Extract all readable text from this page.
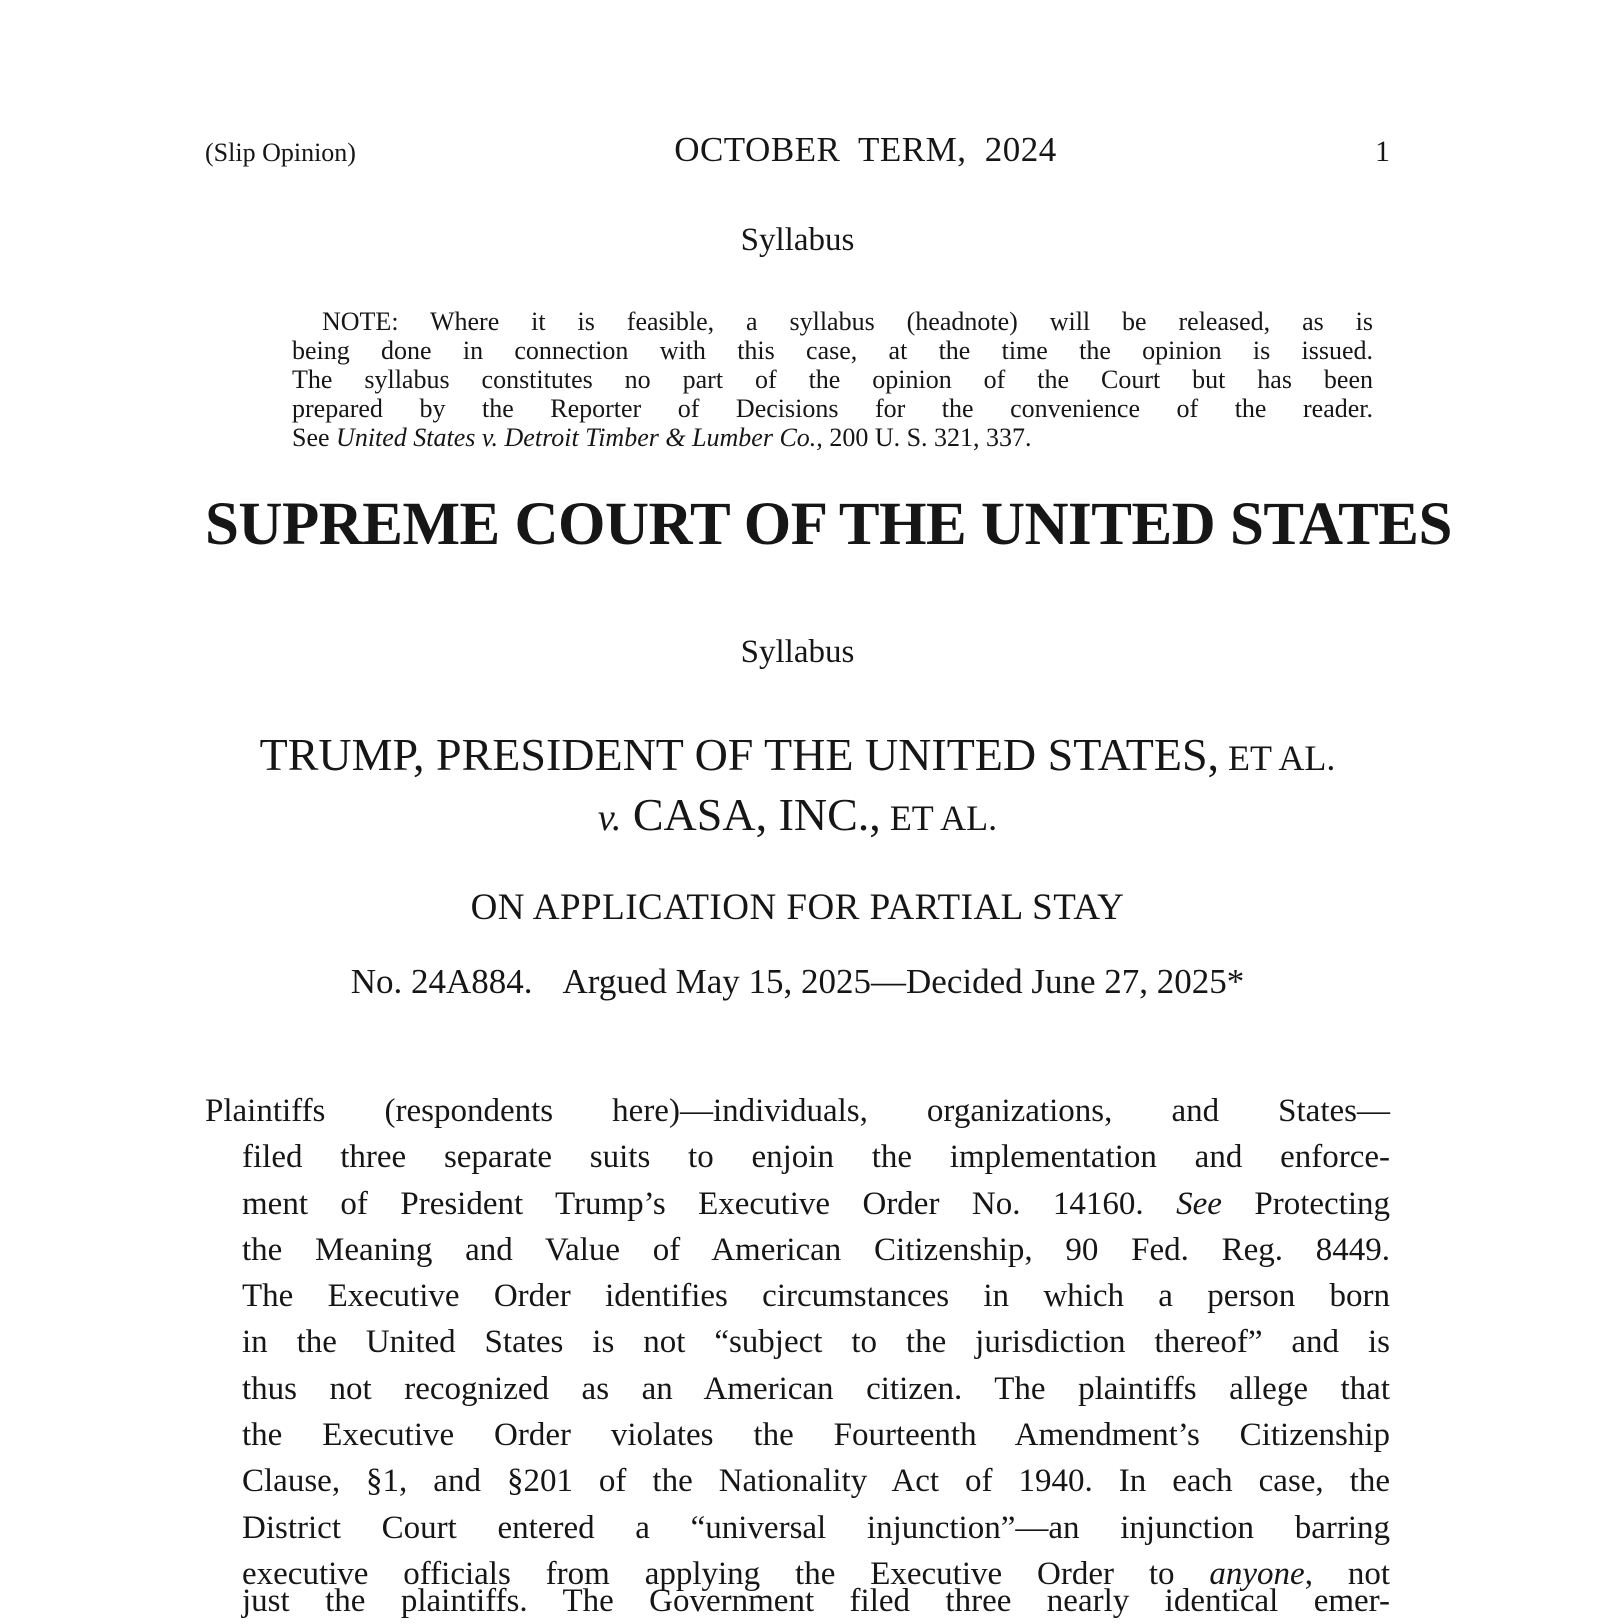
(Slip Opinion)	OCTOBER TERM, 2024	1
Syllabus
NOTE: Where it is feasible, a syllabus (headnote) will be released, as is
being done in connection with this case, at the time the opinion is issued.
The syllabus constitutes no part of the opinion of the Court but has been
prepared by the Reporter of Decisions for the convenience of the reader.
See United States v. Detroit Timber & Lumber Co., 200 U. S. 321, 337.
SUPREME COURT OF THE UNITED STATES
Syllabus
TRUMP, PRESIDENT OF THE UNITED STATES, ET AL.
v. CASA, INC., ET AL.
ON APPLICATION FOR PARTIAL STAY
No. 24A884. Argued May 15, 2025—Decided June 27, 2025*
Plaintiffs (respondents here)—individuals, organizations, and States—
filed three separate suits to enjoin the implementation and enforce-
ment of President Trump’s Executive Order No. 14160. See Protecting
the Meaning and Value of American Citizenship, 90 Fed. Reg. 8449.
The Executive Order identifies circumstances in which a person born
in the United States is not “subject to the jurisdiction thereof” and is
thus not recognized as an American citizen. The plaintiffs allege that
the Executive Order violates the Fourteenth Amendment’s Citizenship
Clause, §1, and §201 of the Nationality Act of 1940. In each case, the
District Court entered a “universal injunction”—an injunction barring
executive officials from applying the Executive Order to anyone, not
just the plaintiffs. The Government filed three nearly identical emer-
